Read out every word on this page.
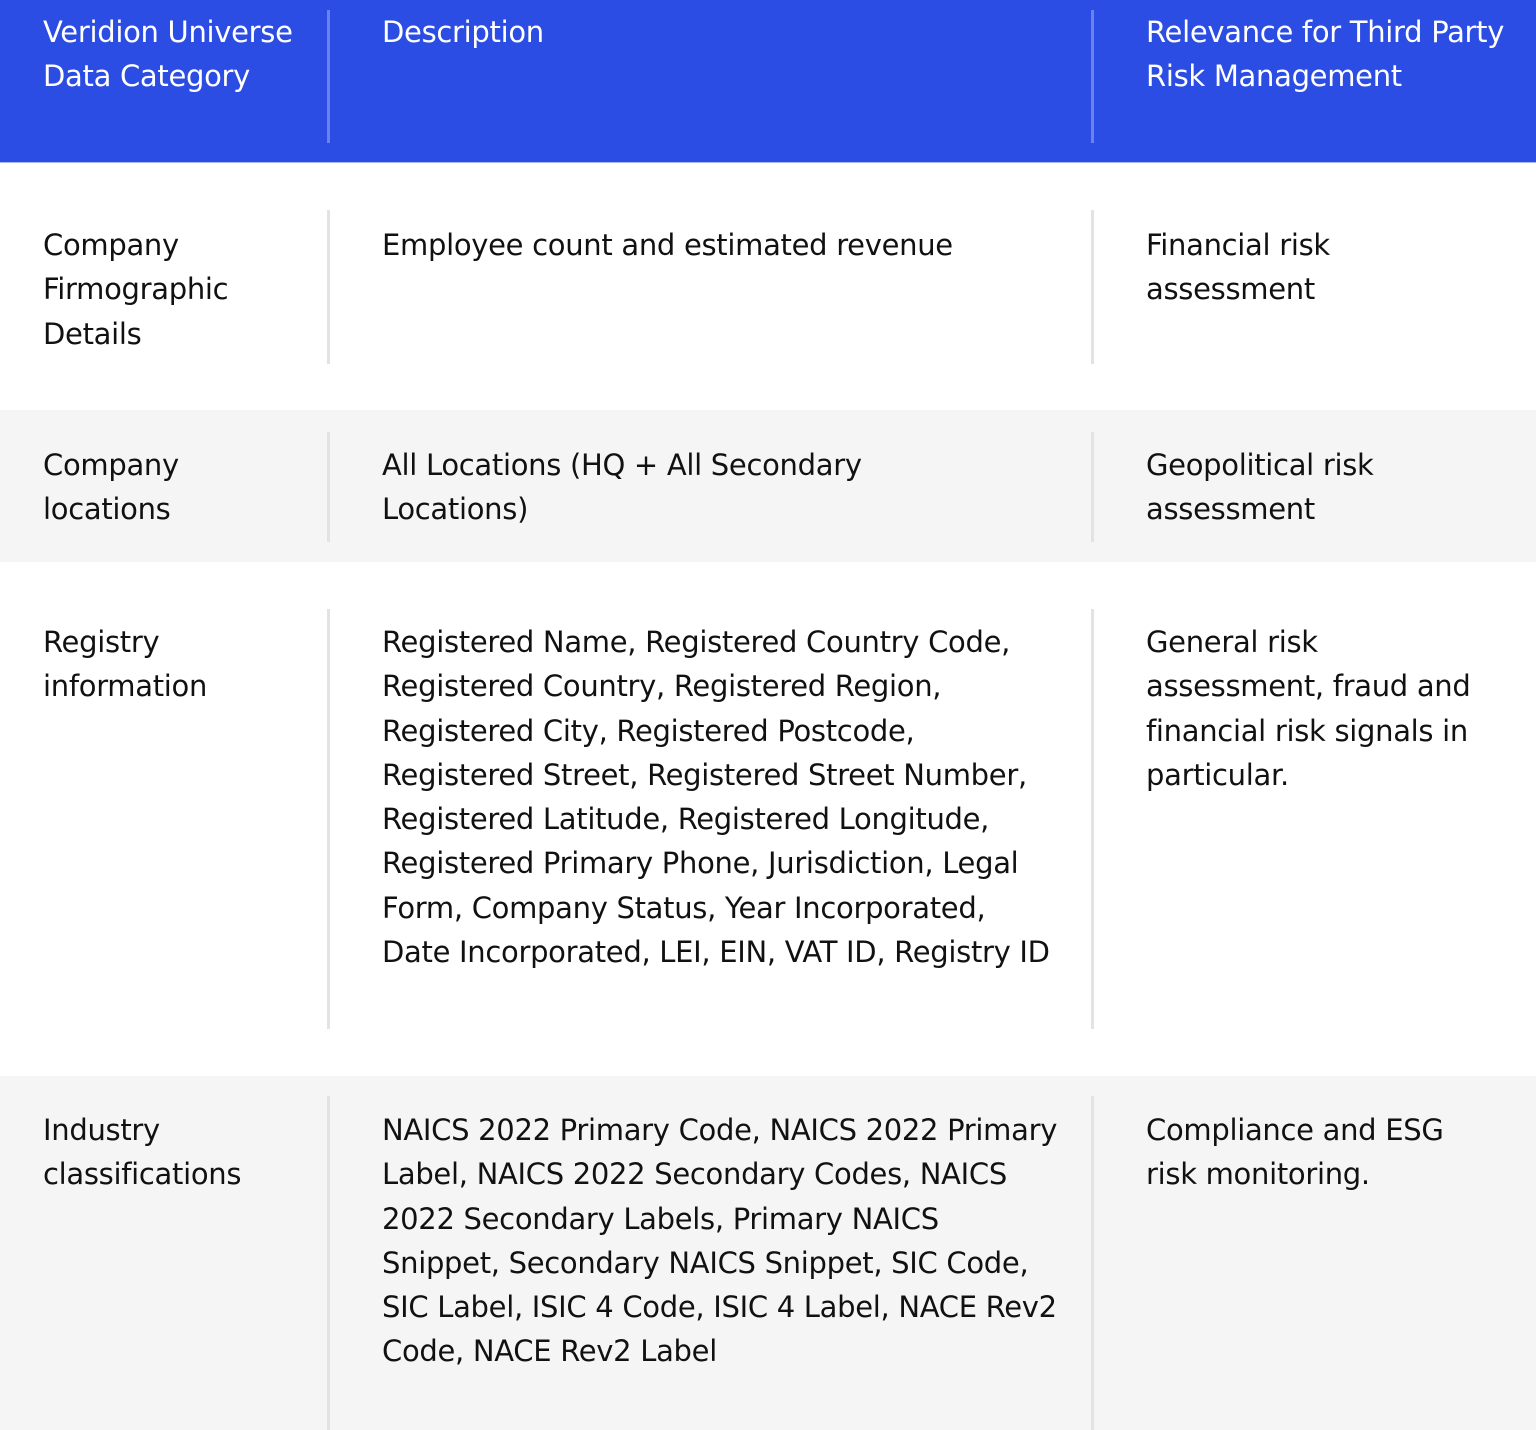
Veridion Universe Data Category
Description	Relevance for Third Party Risk Management
Company Firmographic Details
Employee count and estimated revenue	Financial risk assessment
Company locations
All Locations (HQ + All Secondary Locations)
Geopolitical risk assessment
Registry information
Registered Name, Registered Country Code, Registered Country, Registered Region, Registered City, Registered Postcode, Registered Street, Registered Street Number, Registered Latitude, Registered Longitude, Registered Primary Phone, Jurisdiction, Legal Form, Company Status, Year Incorporated, Date Incorporated, LEI, EIN, VAT ID, Registry ID
General risk assessment, fraud and financial risk signals in particular.
Industry classifications
NAICS 2022 Primary Code, NAICS 2022 Primary Label, NAICS 2022 Secondary Codes, NAICS 2022 Secondary Labels, Primary NAICS Snippet, Secondary NAICS Snippet, SIC Code, SIC Label, ISIC 4 Code, ISIC 4 Label, NACE Rev2 Code, NACE Rev2 Label
Compliance and ESG risk monitoring.
